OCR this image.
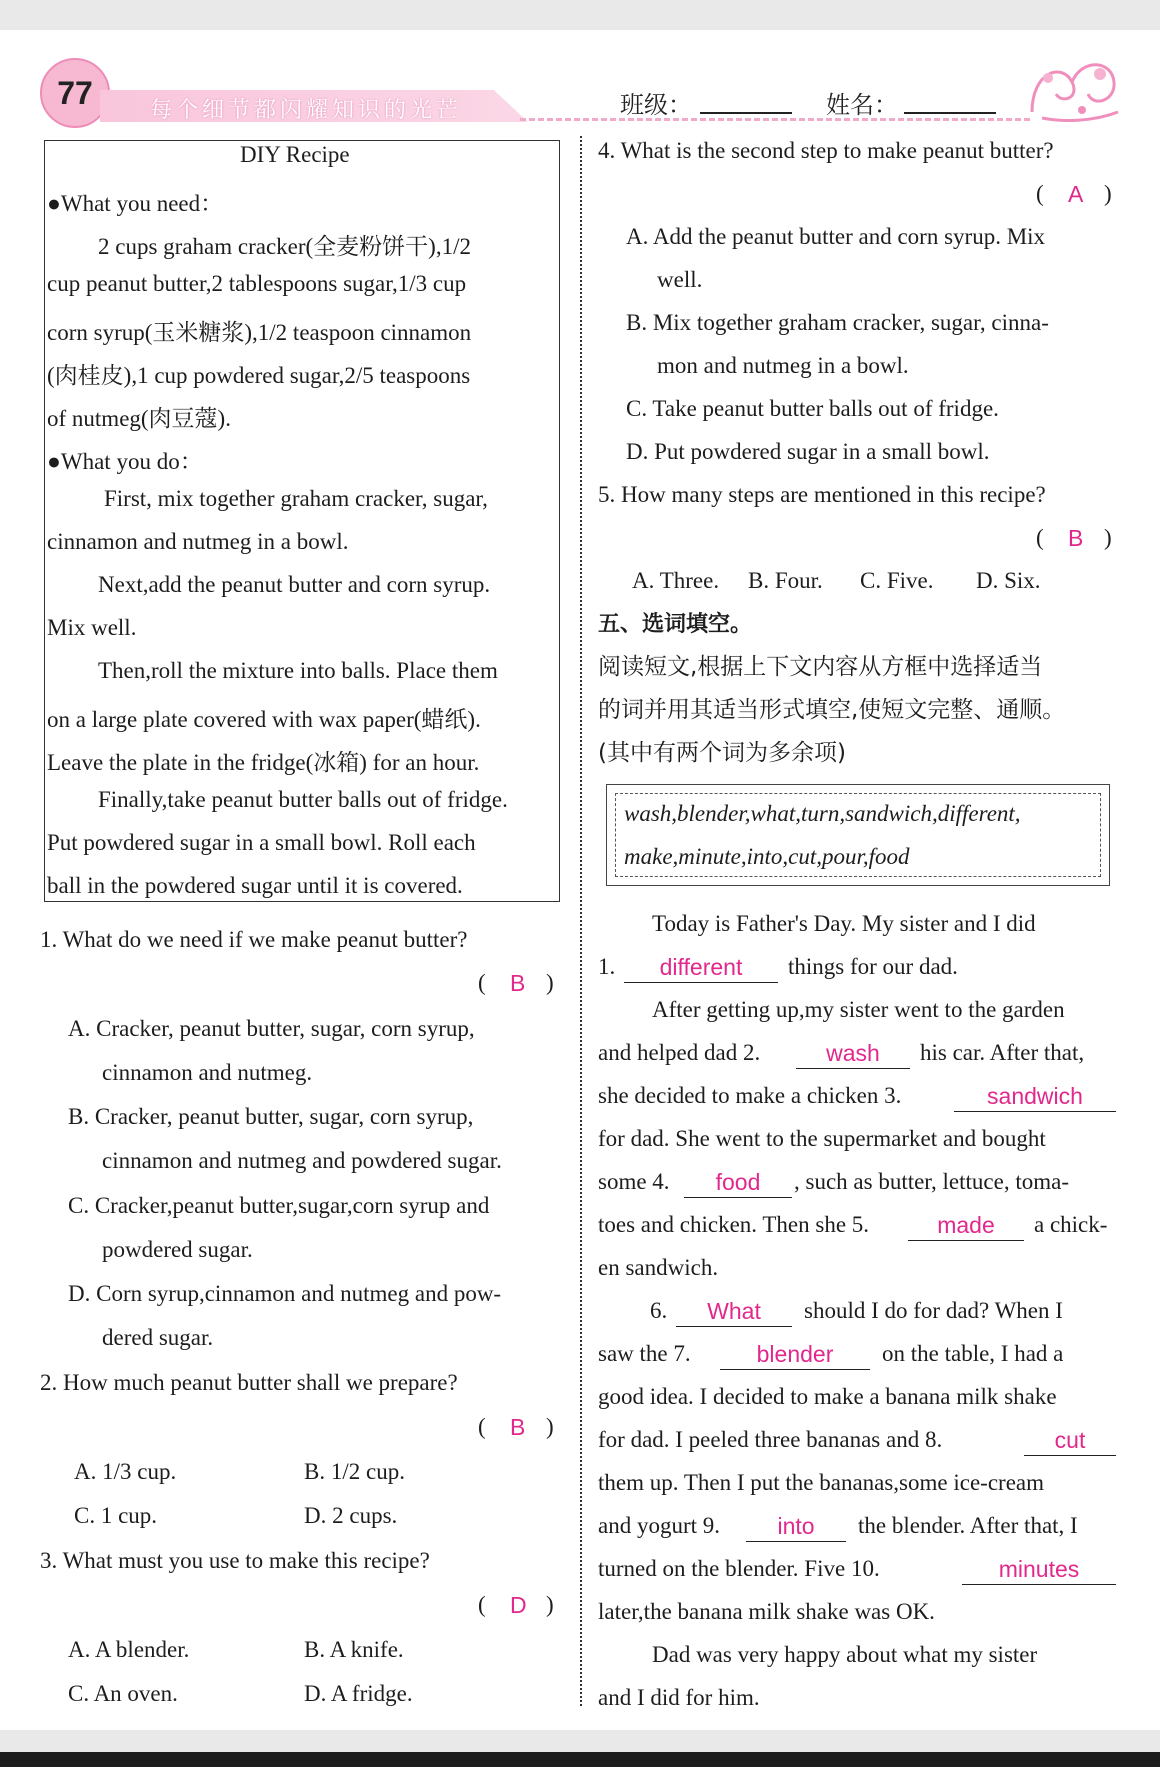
77	每个细节都闪耀知识的光芒	班级：	姓名：
DIY Recipe
●What you need：
2 cups graham cracker(全麦粉饼干),1/2
cup peanut butter,2 tablespoons sugar,1/3 cup
corn syrup(玉米糖浆),1/2 teaspoon cinnamon
(肉桂皮),1 cup powdered sugar,2/5 teaspoons
of nutmeg(肉豆蔻).
●What you do：
First, mix together graham cracker, sugar,
cinnamon and nutmeg in a bowl.
Next,add the peanut butter and corn syrup.
Mix well.
Then,roll the mixture into balls. Place them
on a large plate covered with wax paper(蜡纸).
Leave the plate in the fridge(冰箱) for an hour.
Finally,take peanut butter balls out of fridge.
Put powdered sugar in a small bowl. Roll each
ball in the powdered sugar until it is covered.
1. What do we need if we make peanut butter?
( B )
A. Cracker, peanut butter, sugar, corn syrup,
cinnamon and nutmeg.
B. Cracker, peanut butter, sugar, corn syrup,
cinnamon and nutmeg and powdered sugar.
C. Cracker,peanut butter,sugar,corn syrup and
powdered sugar.
D. Corn syrup,cinnamon and nutmeg and pow-
dered sugar.
2. How much peanut butter shall we prepare?
( B )
A. 1/3 cup.	B. 1/2 cup.
C. 1 cup.	D. 2 cups.
3. What must you use to make this recipe?
( D )
A. A blender.	B. A knife.
C. An oven.	D. A fridge.
4. What is the second step to make peanut butter?
( A )
A. Add the peanut butter and corn syrup. Mix
well.
B. Mix together graham cracker, sugar, cinna-
mon and nutmeg in a bowl.
C. Take peanut butter balls out of fridge.
D. Put powdered sugar in a small bowl.
5. How many steps are mentioned in this recipe?
( B )
A. Three. B. Four. C. Five. D. Six.
五、选词填空。
阅读短文,根据上下文内容从方框中选择适当
的词并用其适当形式填空,使短文完整、通顺。
(其中有两个词为多余项)
wash,blender,what,turn,sandwich,different,
make,minute,into,cut,pour,food
Today is Father's Day. My sister and I did
1.	different	things for our dad.
After getting up,my sister went to the garden
and helped dad 2.	wash	his car. After that,
she decided to make a chicken 3.	sandwich
for dad. She went to the supermarket and bought
some 4.	food	, such as butter, lettuce, toma-
toes and chicken. Then she 5.	made	a chick-
en sandwich.
6.	What	should I do for dad? When I
saw the 7.	blender	on the table, I had a
good idea. I decided to make a banana milk shake
for dad. I peeled three bananas and 8.	cut
them up. Then I put the bananas,some ice-cream
and yogurt 9.	into	the blender. After that, I
turned on the blender. Five 10.	minutes
later,the banana milk shake was OK.
Dad was very happy about what my sister
and I did for him.
